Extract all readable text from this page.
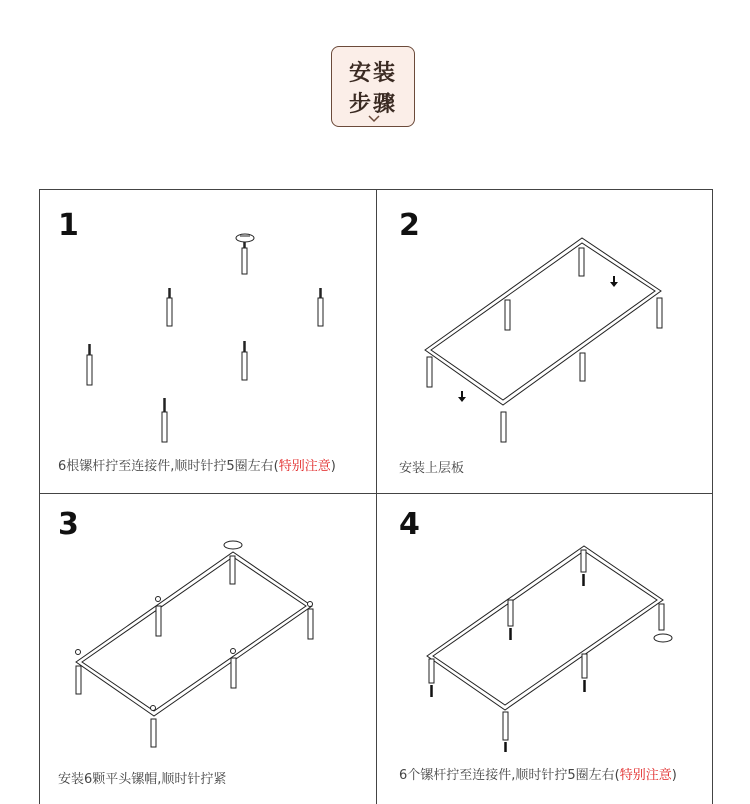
安装
步骤
1
6根镙杆拧至连接件,顺时针拧5圈左右(特别注意)
2
安装上层板
3
安装6颗平头镙帽,顺时针拧紧
4
6个镙杆拧至连接件,顺时针拧5圈左右(特别注意)
